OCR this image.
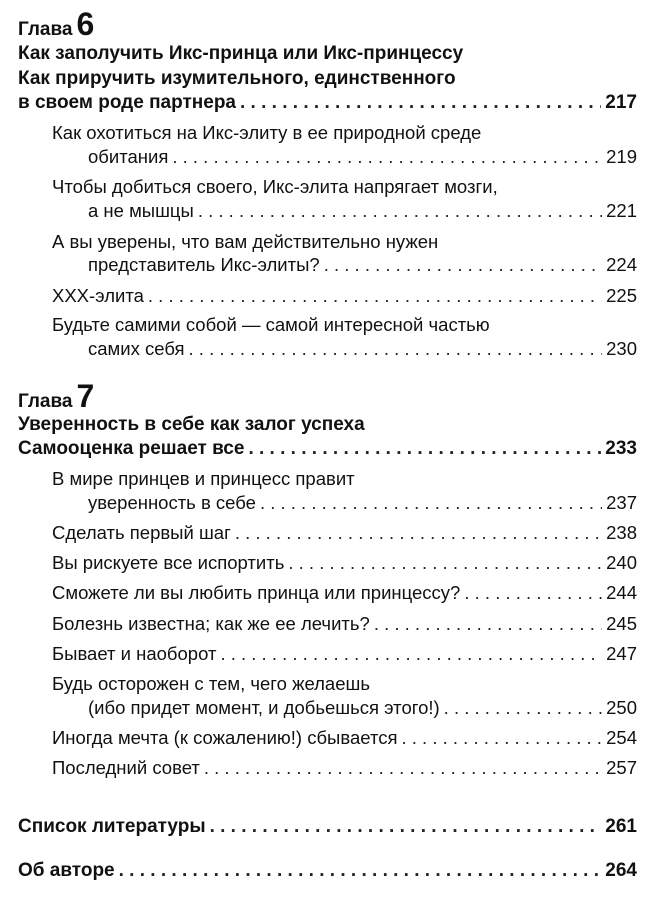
Глава 6
Как заполучить Икс-принца или Икс-принцессу
Как приручить изумительного, единственного
в своем роде партнера . . .	217
Как охотиться на Икс-элиту в ее природной среде
обитания . . .	219
Чтобы добиться своего, Икс-элита напрягает мозги,
а не мышцы . . .	221
А вы уверены, что вам действительно нужен
представитель Икс-элиты? . . .	224
XXX-элита . . .	225
Будьте самими собой — самой интересной частью
самих себя . . .	230
Глава 7
Уверенность в себе как залог успеха
Самооценка решает все . . .	233
В мире принцев и принцесс правит
уверенность в себе . . .	237
Сделать первый шаг . . .	238
Вы рискуете все испортить . . .	240
Сможете ли вы любить принца или принцессу? . . .	244
Болезнь известна; как же ее лечить? . . .	245
Бывает и наоборот . . .	247
Будь осторожен с тем, чего желаешь
(ибо придет момент, и добьешься этого!) . . .	250
Иногда мечта (к сожалению!) сбывается . . .	254
Последний совет . . .	257
Список литературы . . .	261
Об авторе . . .	264
